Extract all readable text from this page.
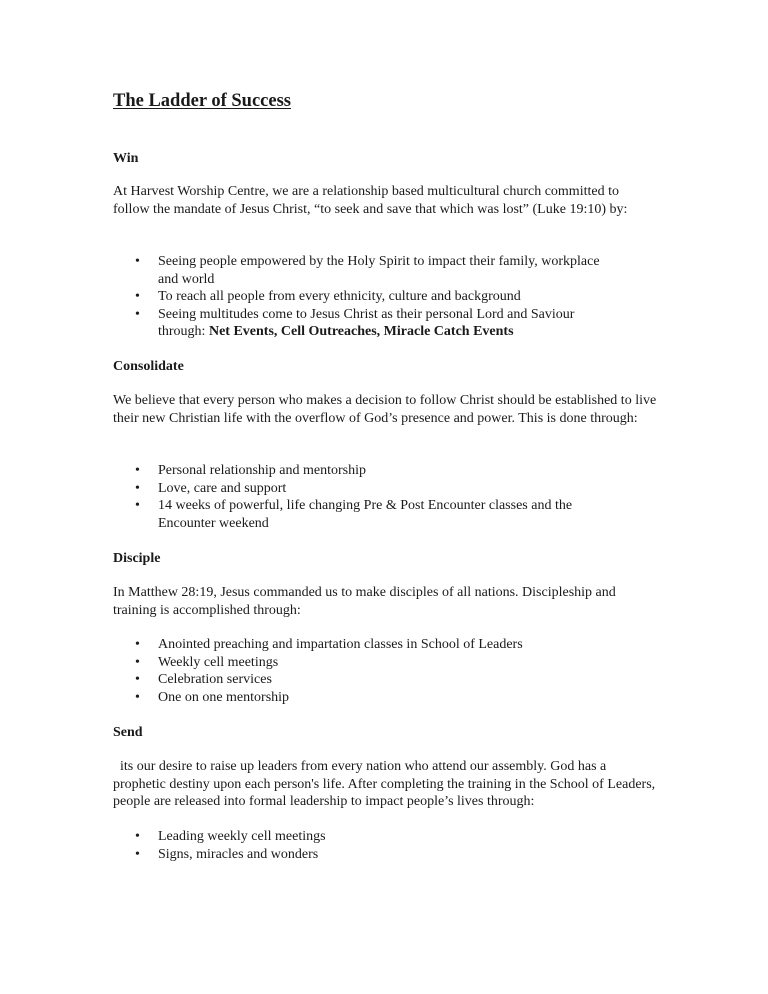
The Ladder of Success
Win

At Harvest Worship Centre, we are a relationship based multicultural church committed to follow the mandate of Jesus Christ, “to seek and save that which was lost” (Luke 19:10) by:

• Seeing people empowered by the Holy Spirit to impact their family, workplace and world
• To reach all people from every ethnicity, culture and background
• Seeing multitudes come to Jesus Christ as their personal Lord and Saviour through: Net Events, Cell Outreaches, Miracle Catch Events
Consolidate

We believe that every person who makes a decision to follow Christ should be established to live their new Christian life with the overflow of God’s presence and power. This is done through:

• Personal relationship and mentorship
• Love, care and support
• 14 weeks of powerful, life changing Pre & Post Encounter classes and the Encounter weekend
Disciple

In Matthew 28:19, Jesus commanded us to make disciples of all nations. Discipleship and training is accomplished through:

• Anointed preaching and impartation classes in School of Leaders
• Weekly cell meetings
• Celebration services
• One on one mentorship
Send

its our desire to raise up leaders from every nation who attend our assembly. God has a prophetic destiny upon each person's life. After completing the training in the School of Leaders, people are released into formal leadership to impact people’s lives through:

• Leading weekly cell meetings
• Signs, miracles and wonders
